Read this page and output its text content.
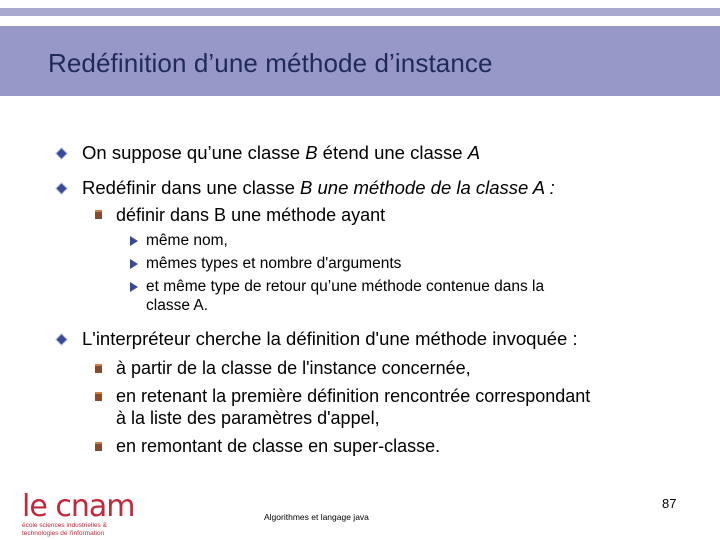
Redéfinition d’une méthode d’instance
On suppose qu’une classe B étend une classe A
Redéfinir dans une classe B une méthode de la classe A :
définir dans B une méthode ayant
même nom,
mêmes types et nombre d'arguments
et même type de retour qu’une méthode contenue dans la
classe A.
L'interpréteur cherche la définition d'une méthode invoquée :
à partir de la classe de l'instance concernée,
en retenant la première définition rencontrée correspondant
à la liste des paramètres d'appel,
en remontant de classe en super-classe.
le cnam
école sciences industrielles &
technologies de l'information
Algorithmes et langage java
87
